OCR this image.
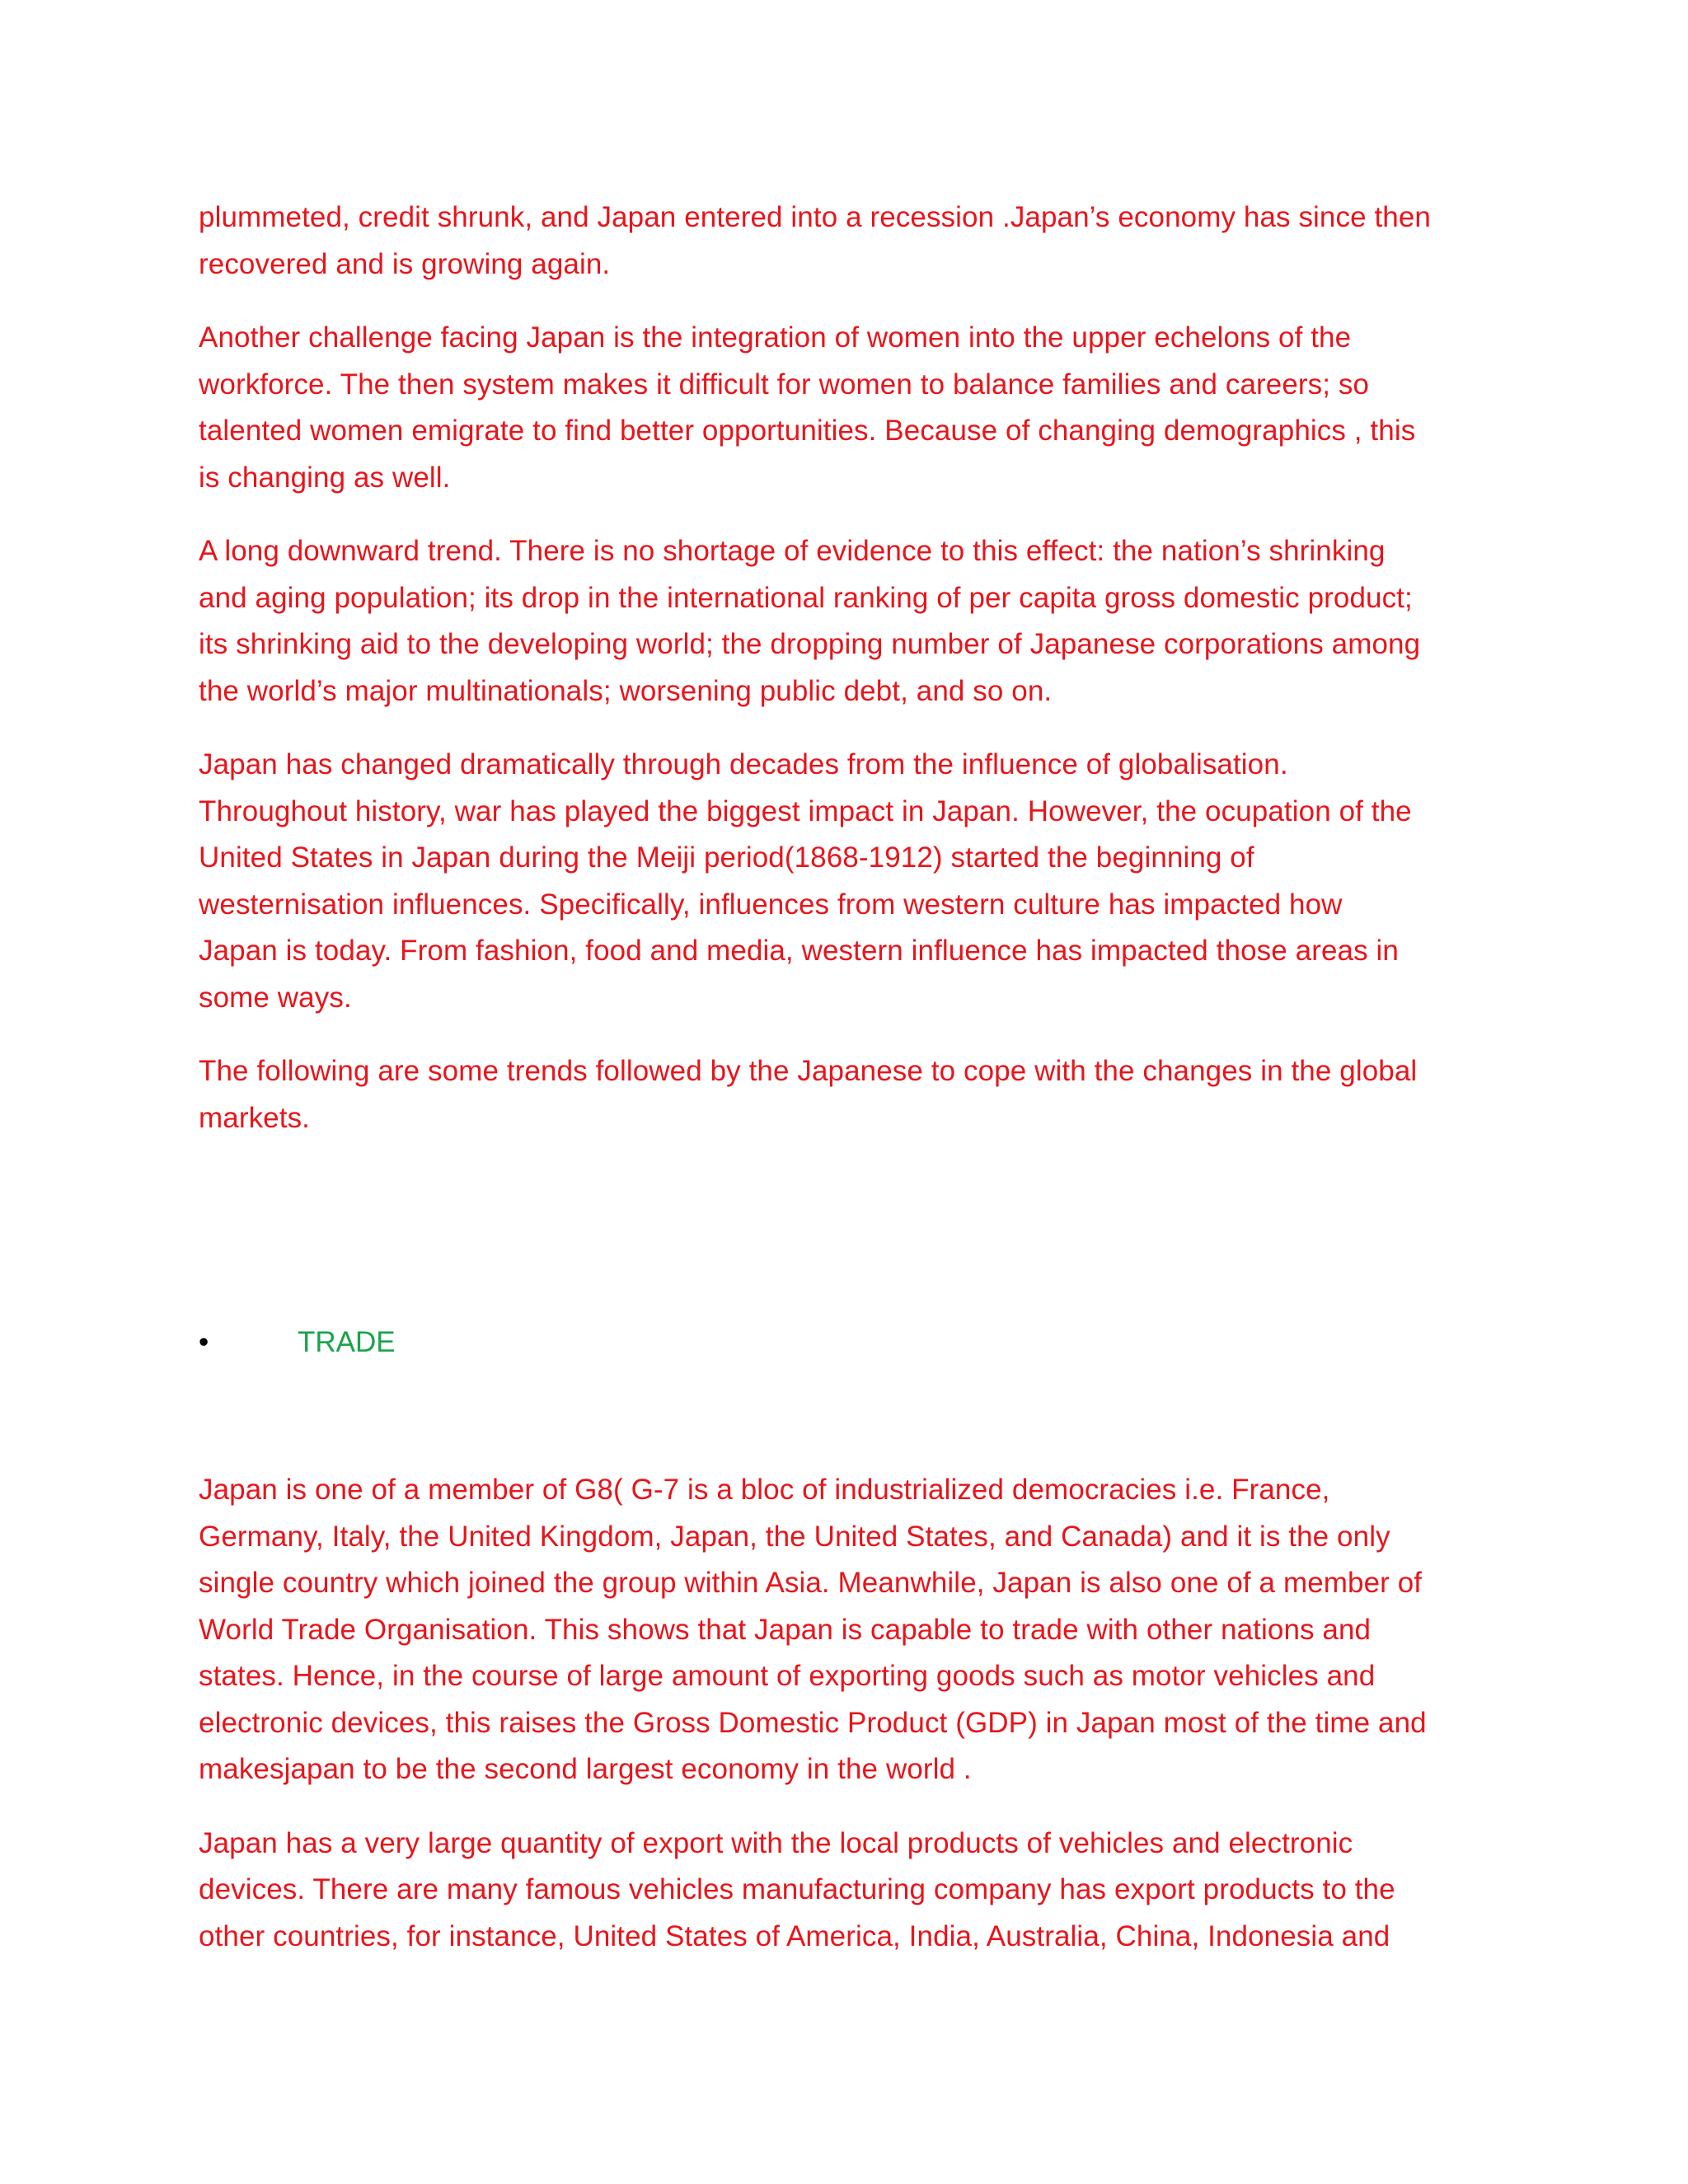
plummeted, credit shrunk, and Japan entered into a recession .Japan’s economy has since then
recovered and is growing again.

Another challenge facing Japan is the integration of women into the upper echelons of the
workforce. The then system makes it difficult for women to balance families and careers; so
talented women emigrate to find better opportunities. Because of changing demographics , this
is changing as well.

A long downward trend. There is no shortage of evidence to this effect: the nation’s shrinking
and aging population; its drop in the international ranking of per capita gross domestic product;
its shrinking aid to the developing world; the dropping number of Japanese corporations among
the world’s major multinationals; worsening public debt, and so on.

Japan has changed dramatically through decades from the influence of globalisation.
Throughout history, war has played the biggest impact in Japan. However, the ocupation of the
United States in Japan during the Meiji period(1868-1912) started the beginning of
westernisation influences. Specifically, influences from western culture has impacted how
Japan is today. From fashion, food and media, western influence has impacted those areas in
some ways.

The following are some trends followed by the Japanese to cope with the changes in the global
markets.

•	TRADE

Japan is one of a member of G8( G-7 is a bloc of industrialized democracies i.e. France,
Germany, Italy, the United Kingdom, Japan, the United States, and Canada) and it is the only
single country which joined the group within Asia. Meanwhile, Japan is also one of a member of
World Trade Organisation. This shows that Japan is capable to trade with other nations and
states. Hence, in the course of large amount of exporting goods such as motor vehicles and
electronic devices, this raises the Gross Domestic Product (GDP) in Japan most of the time and
makesjapan to be the second largest economy in the world .

Japan has a very large quantity of export with the local products of vehicles and electronic
devices. There are many famous vehicles manufacturing company has export products to the
other countries, for instance, United States of America, India, Australia, China, Indonesia and
